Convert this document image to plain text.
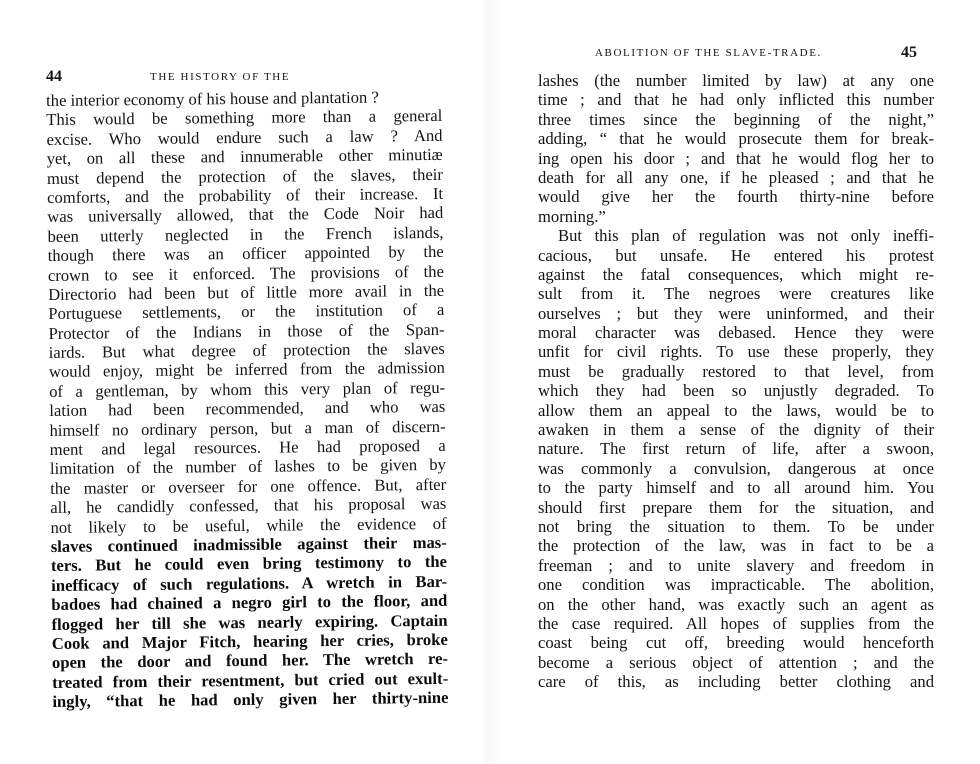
44	THE HISTORY OF THE
the interior economy of his house and plantation ?
This would be something more than a general
excise. Who would endure such a law ? And
yet, on all these and innumerable other minutiæ
must depend the protection of the slaves, their
comforts, and the probability of their increase. It
was universally allowed, that the Code Noir had
been utterly neglected in the French islands,
though there was an officer appointed by the
crown to see it enforced. The provisions of the
Directorio had been but of little more avail in the
Portuguese settlements, or the institution of a
Protector of the Indians in those of the Span-
iards. But what degree of protection the slaves
would enjoy, might be inferred from the admission
of a gentleman, by whom this very plan of regu-
lation had been recommended, and who was
himself no ordinary person, but a man of discern-
ment and legal resources. He had proposed a
limitation of the number of lashes to be given by
the master or overseer for one offence. But, after
all, he candidly confessed, that his proposal was
not likely to be useful, while the evidence of
slaves continued inadmissible against their mas-
ters. But he could even bring testimony to the
inefficacy of such regulations. A wretch in Bar-
badoes had chained a negro girl to the floor, and
flogged her till she was nearly expiring. Captain
Cook and Major Fitch, hearing her cries, broke
open the door and found her. The wretch re-
treated from their resentment, but cried out exult-
ingly, “that he had only given her thirty-nine
ABOLITION OF THE SLAVE-TRADE.	45
lashes (the number limited by law) at any one
time ; and that he had only inflicted this number
three times since the beginning of the night,”
adding, “ that he would prosecute them for break-
ing open his door ; and that he would flog her to
death for all any one, if he pleased ; and that he
would give her the fourth thirty-nine before
morning.”
But this plan of regulation was not only ineffi-
cacious, but unsafe. He entered his protest
against the fatal consequences, which might re-
sult from it. The negroes were creatures like
ourselves ; but they were uninformed, and their
moral character was debased. Hence they were
unfit for civil rights. To use these properly, they
must be gradually restored to that level, from
which they had been so unjustly degraded. To
allow them an appeal to the laws, would be to
awaken in them a sense of the dignity of their
nature. The first return of life, after a swoon,
was commonly a convulsion, dangerous at once
to the party himself and to all around him. You
should first prepare them for the situation, and
not bring the situation to them. To be under
the protection of the law, was in fact to be a
freeman ; and to unite slavery and freedom in
one condition was impracticable. The abolition,
on the other hand, was exactly such an agent as
the case required. All hopes of supplies from the
coast being cut off, breeding would henceforth
become a serious object of attention ; and the
care of this, as including better clothing and
